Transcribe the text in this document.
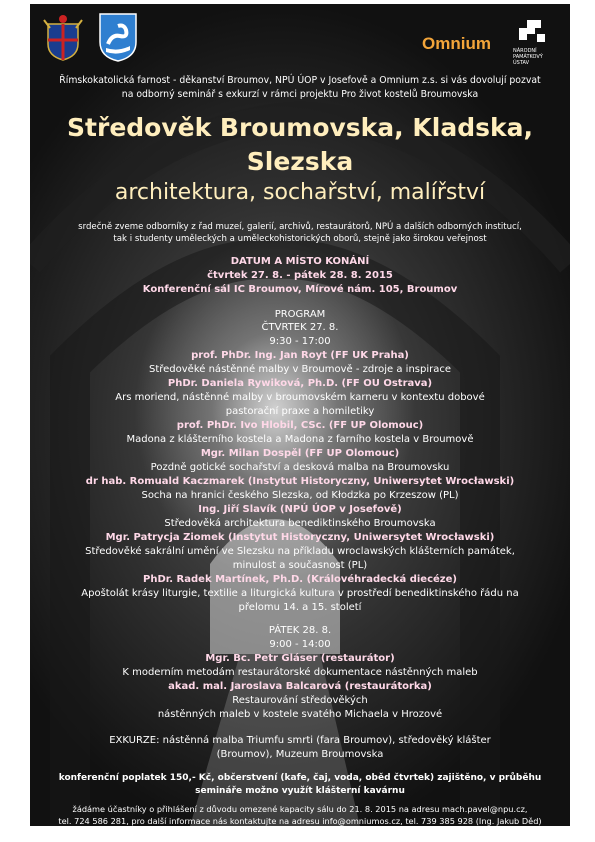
Omnium	NÁRODNÍ
PAMÁTKOVÝ
ÚSTAV
Římskokatolická farnost - děkanství Broumov, NPÚ ÚOP v Josefově a Omnium z.s. si vás dovolují pozvat
na odborný seminář s exkurzí v rámci projektu Pro život kostelů Broumovska
Středověk Broumovska, Kladska,
Slezska
architektura, sochařství, malířství
srdečně zveme odborníky z řad muzeí, galerií, archivů, restaurátorů, NPÚ a dalších odborných institucí,
tak i studenty uměleckých a uměleckohistorických oborů, stejně jako širokou veřejnost
DATUM A MÍSTO KONÁNÍ
čtvrtek 27. 8. - pátek 28. 8. 2015
Konferenční sál IC Broumov, Mírové nám. 105, Broumov
PROGRAM
ČTVRTEK 27. 8.
9:30 - 17:00
prof. PhDr. Ing. Jan Royt (FF UK Praha)
Středověké nástěnné malby v Broumově - zdroje a inspirace
PhDr. Daniela Rywiková, Ph.D. (FF OU Ostrava)
Ars moriend, nástěnné malby v broumovském karneru v kontextu dobové
pastorační praxe a homiletiky
prof. PhDr. Ivo Hlobil, CSc. (FF UP Olomouc)
Madona z klášterního kostela a Madona z farního kostela v Broumově
Mgr. Milan Dospěl (FF UP Olomouc)
Pozdně gotické sochařství a desková malba na Broumovsku
dr hab. Romuald Kaczmarek (Instytut Historyczny, Uniwersytet Wrocławski)
Socha na hranici českého Slezska, od Kłodzka po Krzeszow (PL)
Ing. Jiří Slavík (NPÚ ÚOP v Josefově)
Středověká architektura benediktinského Broumovska
Mgr. Patrycja Ziomek (Instytut Historyczny, Uniwersytet Wrocławski)
Středověké sakrální umění ve Slezsku na příkladu wroclawských klášterních památek,
minulost a současnost (PL)
PhDr. Radek Martínek, Ph.D. (Královéhradecká diecéze)
Apoštolát krásy liturgie, textilie a liturgická kultura v prostředí benediktinského řádu na
přelomu 14. a 15. století
PÁTEK 28. 8.
9:00 - 14:00
Mgr. Bc. Petr Gláser (restaurátor)
K moderním metodám restaurátorské dokumentace nástěnných maleb
akad. mal. Jaroslava Balcarová (restaurátorka)
Restaurování středověkých
nástěnných maleb v kostele svatého Michaela v Hrozové
EXKURZE: nástěnná malba Triumfu smrti (fara Broumov), středověký klášter
(Broumov), Muzeum Broumovska
konferenční poplatek 150,- Kč, občerstvení (kafe, čaj, voda, oběd čtvrtek) zajištěno, v průběhu
semináře možno využít klášterní kavárnu
žádáme účastníky o přihlášení z důvodu omezené kapacity sálu do 21. 8. 2015 na adresu mach.pavel@npu.cz,
tel. 724 586 281, pro další informace nás kontaktujte na adresu info@omniumos.cz, tel. 739 385 928 (Ing. Jakub Děd)
